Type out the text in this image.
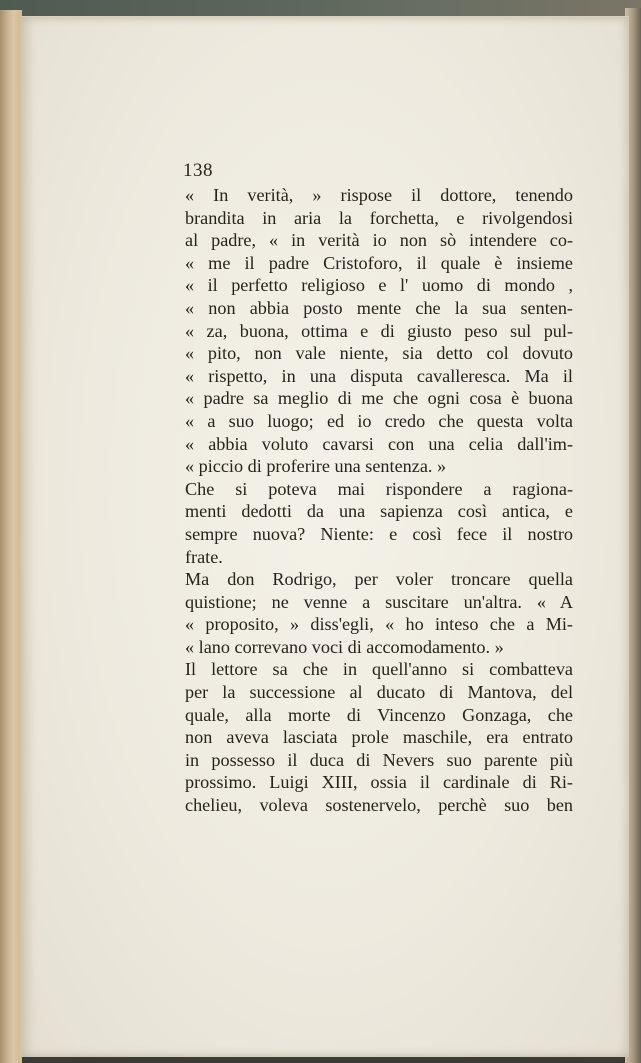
138
« In verità, » rispose il dottore, tenendo
brandita in aria la forchetta, e rivolgendosi
al padre, « in verità io non sò intendere co-
« me il padre Cristoforo, il quale è insieme
« il perfetto religioso e l' uomo di mondo ,
« non abbia posto mente che la sua senten-
« za, buona, ottima e di giusto peso sul pul-
« pito, non vale niente, sia detto col dovuto
« rispetto, in una disputa cavalleresca. Ma il
« padre sa meglio di me che ogni cosa è buona
« a suo luogo; ed io credo che questa volta
« abbia voluto cavarsi con una celia dall'im-
« piccio di proferire una sentenza. »
Che si poteva mai rispondere a ragiona-
menti dedotti da una sapienza così antica, e
sempre nuova? Niente: e così fece il nostro
frate.
Ma don Rodrigo, per voler troncare quella
quistione; ne venne a suscitare un'altra. « A
« proposito, » diss'egli, « ho inteso che a Mi-
« lano correvano voci di accomodamento. »
Il lettore sa che in quell'anno si combatteva
per la successione al ducato di Mantova, del
quale, alla morte di Vincenzo Gonzaga, che
non aveva lasciata prole maschile, era entrato
in possesso il duca di Nevers suo parente più
prossimo. Luigi XIII, ossia il cardinale di Ri-
chelieu, voleva sostenervelo, perchè suo ben
